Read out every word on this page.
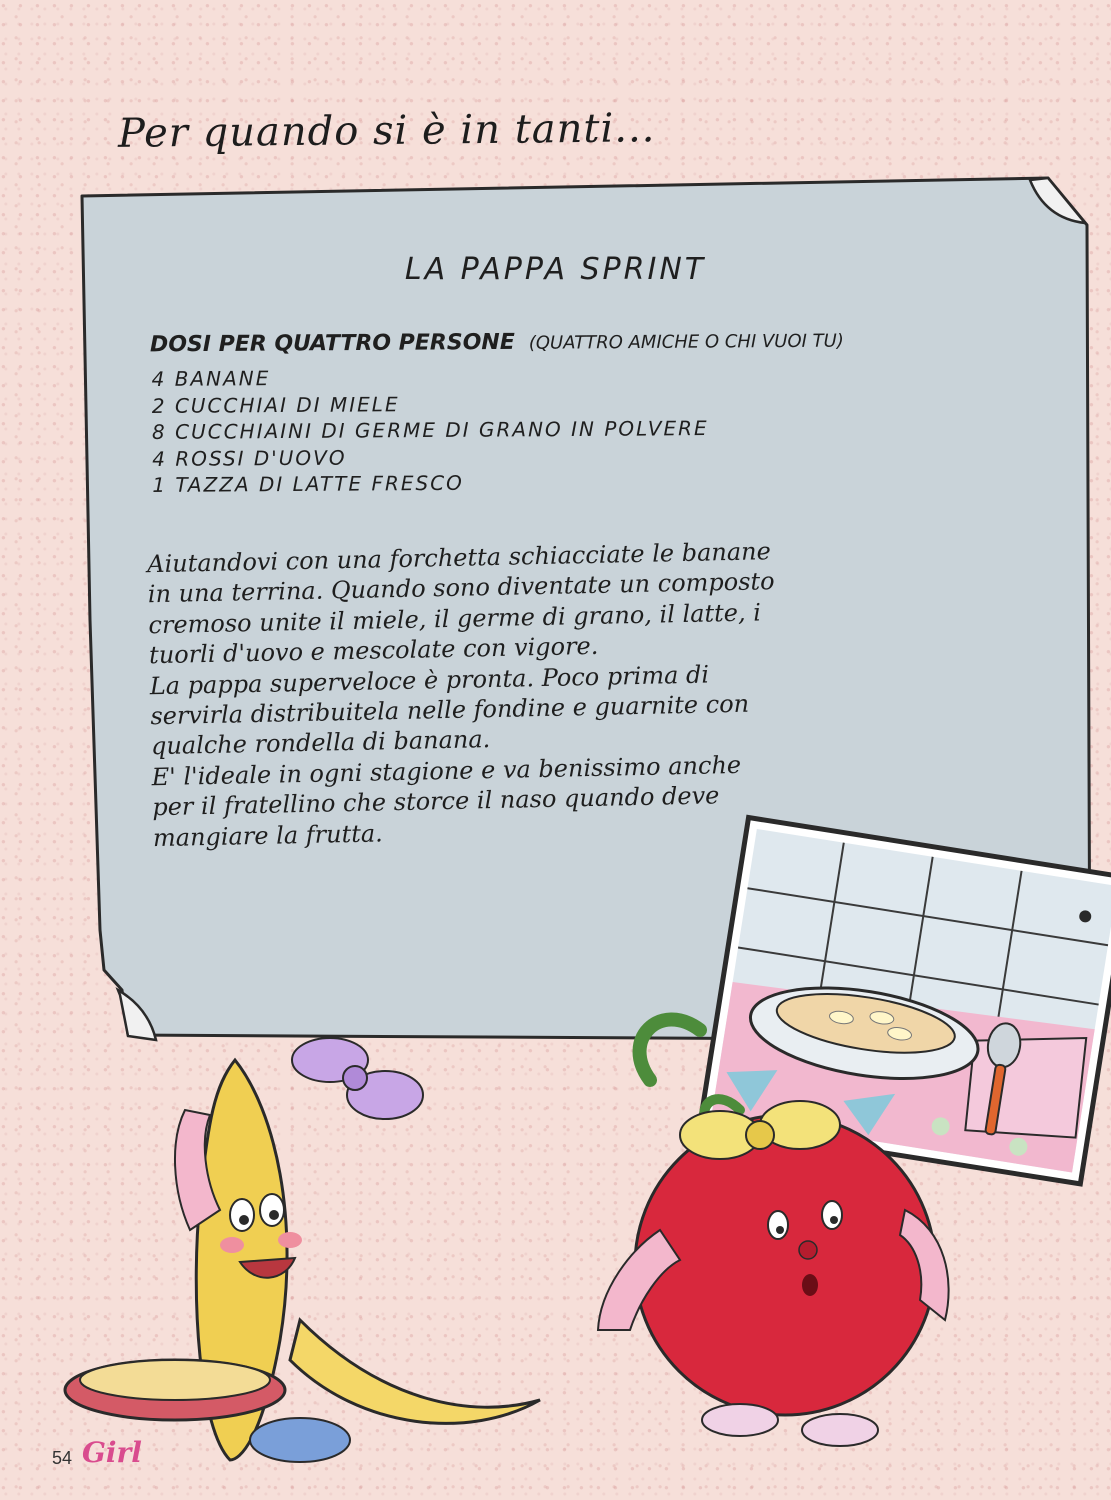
Per quando si è in tanti...
LA PAPPA SPRINT
DOSI PER QUATTRO PERSONE (QUATTRO AMICHE O CHI VUOI TU)
4 BANANE
2 CUCCHIAI DI MIELE
8 CUCCHIAINI DI GERME DI GRANO IN POLVERE
4 ROSSI D'UOVO
1 TAZZA DI LATTE FRESCO

Aiutandovi con una forchetta schiacciate le banane

in una terrina. Quando sono diventate un composto

cremoso unite il miele, il germe di grano, il latte, i

tuorli d'uovo e mescolate con vigore.

La pappa superveloce è pronta. Poco prima di

servirla distribuitela nelle fondine e guarnite con

qualche rondella di banana.

E' l'ideale in ogni stagione e va benissimo anche

per il fratellino che storce il naso quando deve

mangiare la frutta.

54 Girl
